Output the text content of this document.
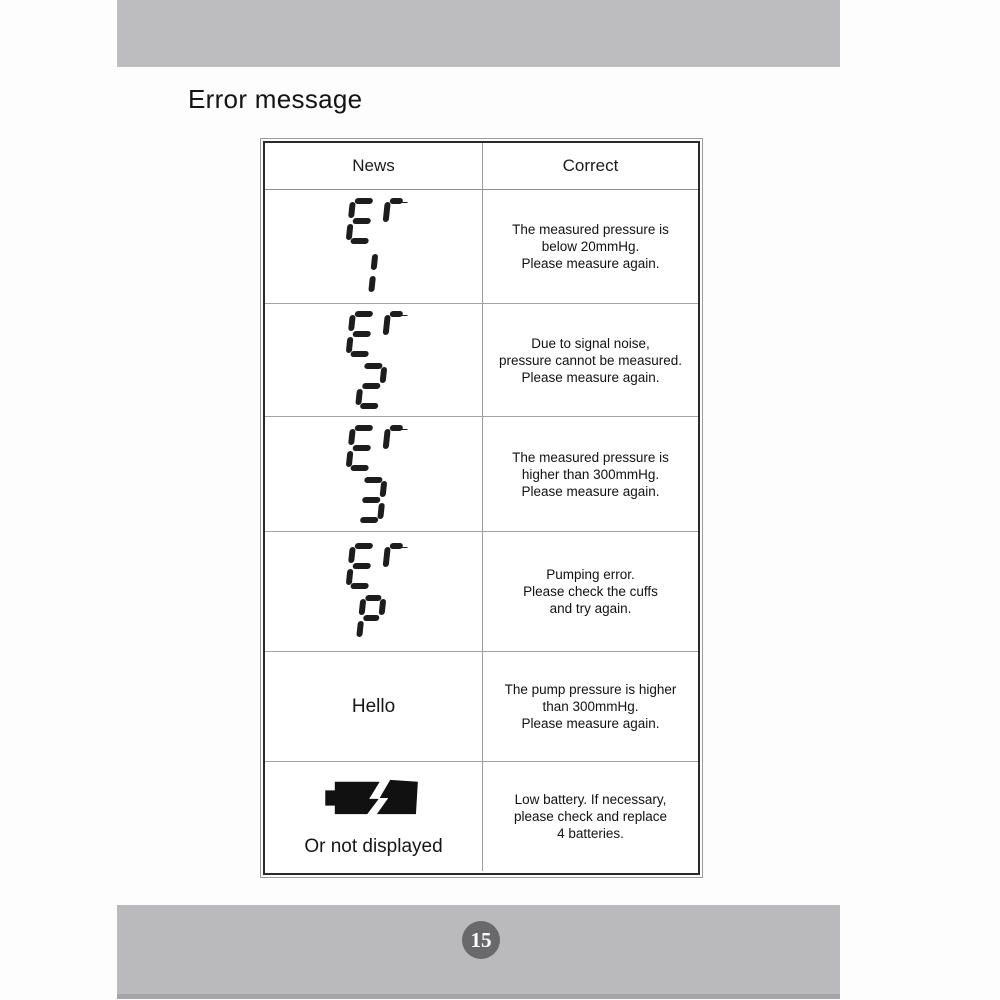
Error message
News	Correct
The measured pressure is
below 20mmHg.
Please measure again.
Due to signal noise,
pressure cannot be measured.
Please measure again.
The measured pressure is
higher than 300mmHg.
Please measure again.
Pumping error.
Please check the cuffs
and try again.
Hello
The pump pressure is higher
than 300mmHg.
Please measure again.
Or not displayed
Low battery. If necessary,
please check and replace
4 batteries.
15
